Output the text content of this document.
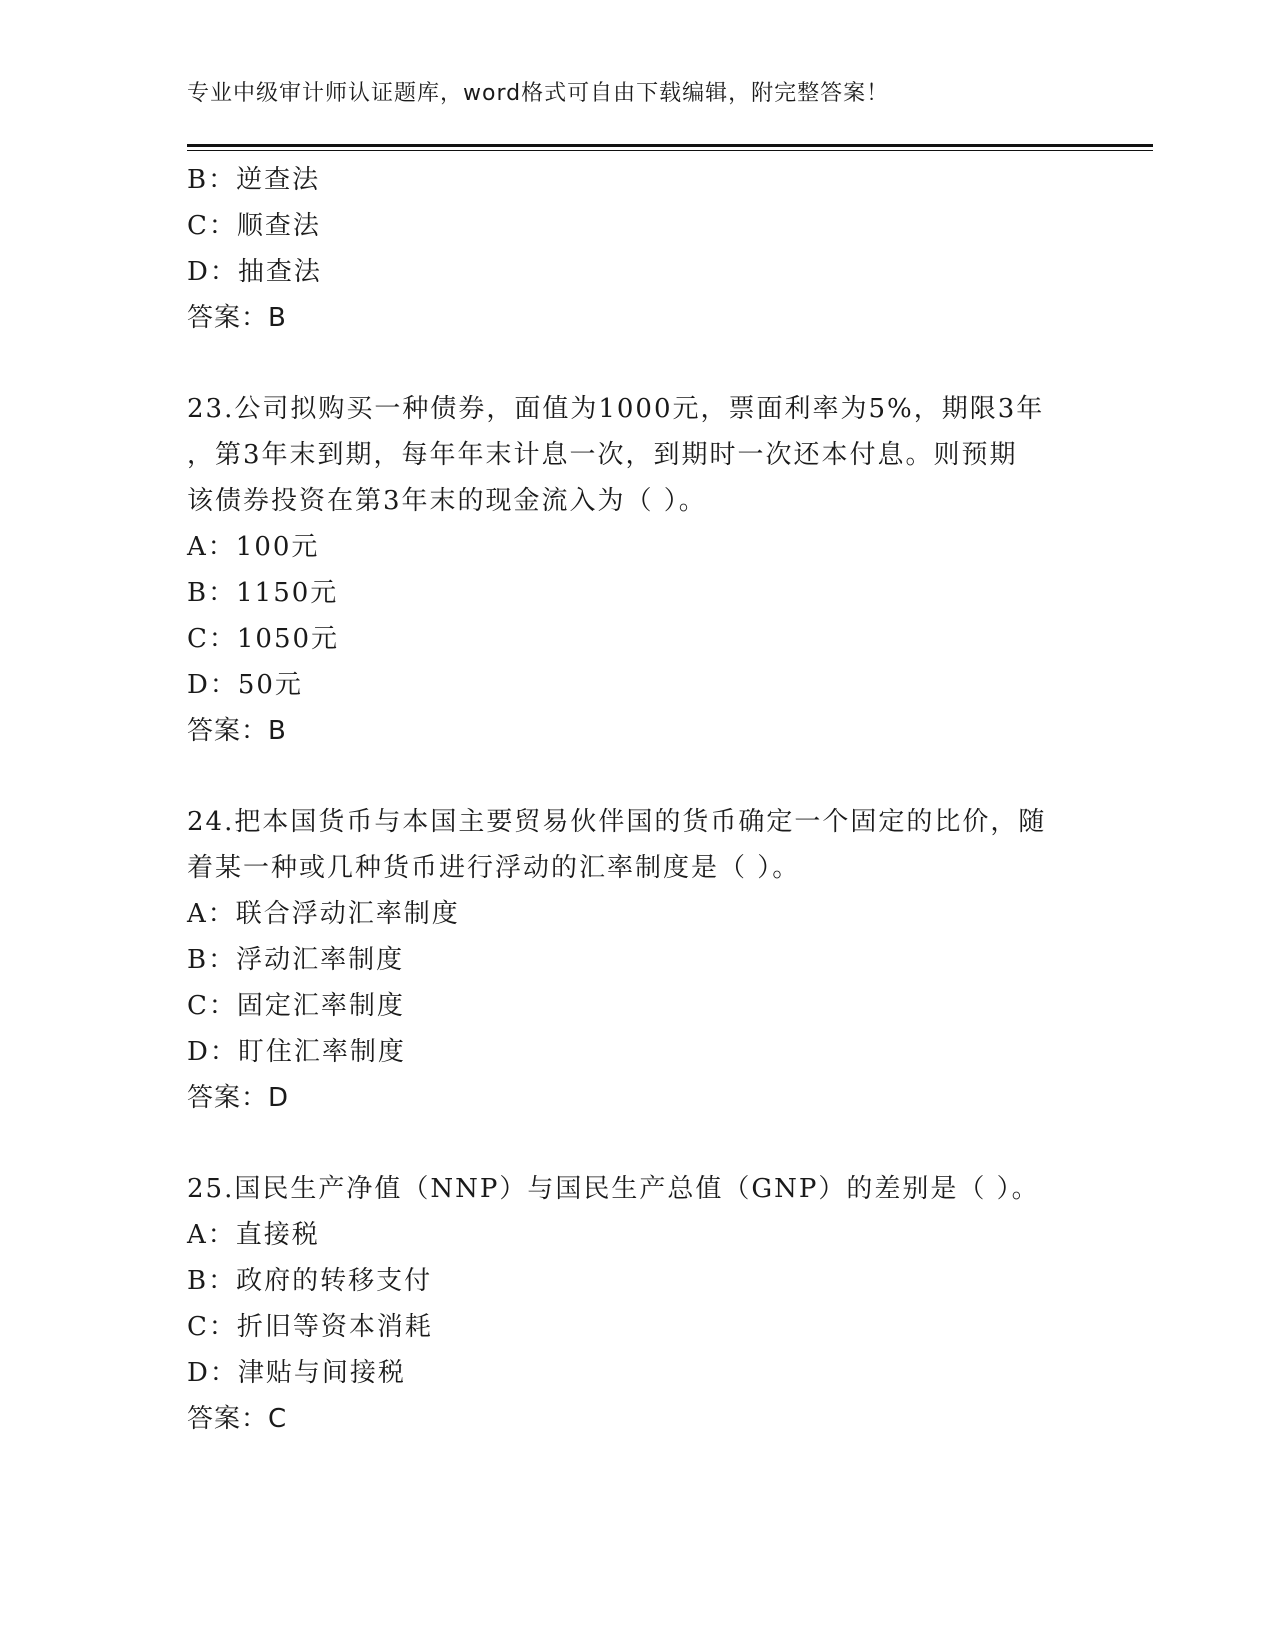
专业中级审计师认证题库，word格式可自由下载编辑，附完整答案！
B：逆查法
C：顺查法
D：抽查法
答案：B
23.公司拟购买一种债券，面值为1000元，票面利率为5%，期限3年
，第3年末到期，每年年末计息一次，到期时一次还本付息。则预期
该债券投资在第3年末的现金流入为（ ）。
A：100元
B：1150元
C：1050元
D：50元
答案：B
24.把本国货币与本国主要贸易伙伴国的货币确定一个固定的比价，随
着某一种或几种货币进行浮动的汇率制度是（ ）。
A：联合浮动汇率制度
B：浮动汇率制度
C：固定汇率制度
D：盯住汇率制度
答案：D
25.国民生产净值（NNP）与国民生产总值（GNP）的差别是（ ）。
A：直接税
B：政府的转移支付
C：折旧等资本消耗
D：津贴与间接税
答案：C
